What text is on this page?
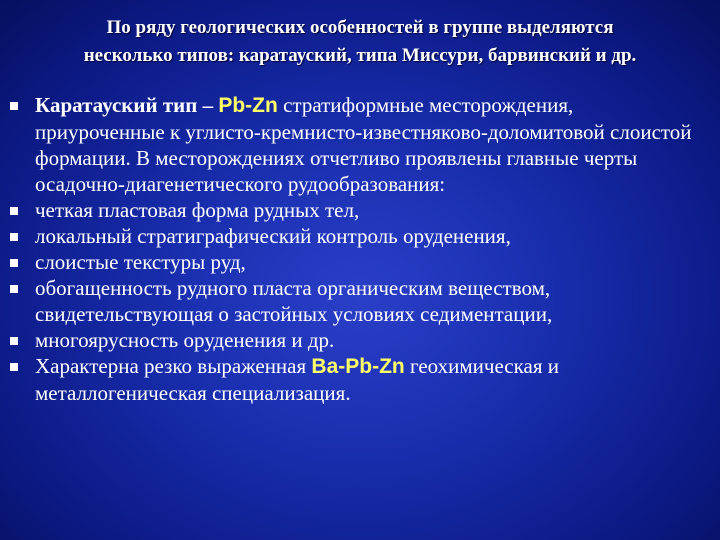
По ряду геологических особенностей в группе выделяются
несколько типов: каратауский, типа Миссури, барвинский и др.

Каратауский тип – Pb-Zn стратиформные месторождения, приуроченные к углисто-кремнисто-известняково-доломитовой слоистой формации. В месторождениях отчетливо проявлены главные черты осадочно-диагенетического рудообразования:

четкая пластовая форма рудных тел,

локальный стратиграфический контроль оруденения,

слоистые текстуры руд,

обогащенность рудного пласта органическим веществом, свидетельствующая о застойных условиях седиментации,

многоярусность оруденения и др.

Характерна резко выраженная Ba-Pb-Zn геохимическая и металлогеническая специализация.
